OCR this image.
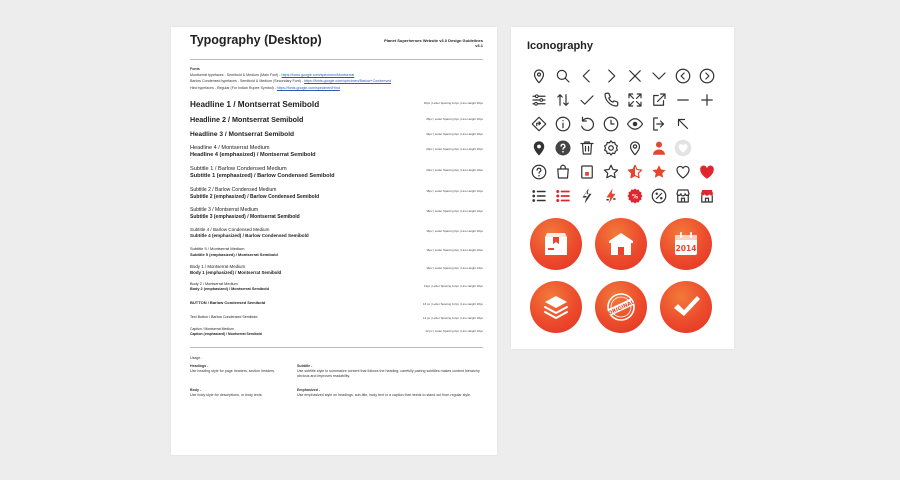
Typography (Desktop)	Planet Superheroes Website v3.0 Design Guidelines
v3.1
Fonts
Montserrat typefaces - Semibold & Medium (Main Font) - https://fonts.google.com/specimen/Montserrat
Barlow Condensed typefaces - Semibold & Medium (Secondary Font) - https://fonts.google.com/specimen/Barlow+Condensed
Hind typefaces - Regular (For Indian Rupee Symbol) - https://fonts.google.com/specimen/Hind
Headline 1 / Montserrat Semibold	32px | Letter Spacing 0.2px | Line Height 40px
Headline 2 / Montserrat Semibold	26px | Letter Spacing 0px | Line Height 32px
Headline 3 / Montserrat Semibold	24px | Letter Spacing 0px | Line Height 30px
Headline 4 / Montserrat Medium
Headline 4 (emphasized) / Montserrat Semibold
20px | Letter Spacing 0px | Line Height 26px
Subtitle 1 / Barlow Condensed Medium
Subtitle 1 (emphasized) / Barlow Condensed Semibold
20px | Letter Spacing 0px | Line Height 24px
Subtitle 2 / Barlow Condensed Medium
Subtitle 2 (emphasized) / Barlow Condensed Semibold
18px | Letter Spacing 0px | Line Height 22px
Subtitle 3 / Montserrat Medium
Subtitle 3 (emphasized) / Montserrat Semibold
18px | Letter Spacing 0px | Line Height 24px
Subtitle 4 / Barlow Condensed Medium
Subtitle 4 (emphasized) / Barlow Condensed Semibold
16px | Letter Spacing 0px | Line Height 20px
Subtitle 5 / Montserrat Medium
Subtitle 5 (emphasized) / Montserrat Semibold
16px | Letter Spacing 0px | Line Height 22px
Body 1 / Montserrat Medium
Body 1 (emphasized) / Montserrat Semibold
16px | Letter Spacing 0px | Line Height 24px
Body 2 / Montserrat Medium
Body 2 (emphasized) / Montserrat Semibold
14px | Letter Spacing 0.2px | Line Height 20px
BUTTON / Barlow Condensed Semibold	16 px | Letter Spacing 0.2px | Line Height 20px
Text Button / Barlow Condensed Semibold	14 px | Letter Spacing 0.2px | Line Height 18px
Caption / Montserrat Medium
Caption (emphasized) / Montserrat Semibold
12 px | Letter Spacing 0px | Line Height 16px
Usage -
Headings -
Use heading style for page headers, section headers.
Subtitle -
Use subtitle style to summarize content that follows the heading; carefully pairing subtitles makes content hierarchy obvious and improves readability.
Body -
Use body style for descriptions, or body texts.
Emphasized -
Use emphasized style on headings, sub-title, body text or a caption that needs to stand out from regular style.
Iconography
%
2014
ORIGINAL
